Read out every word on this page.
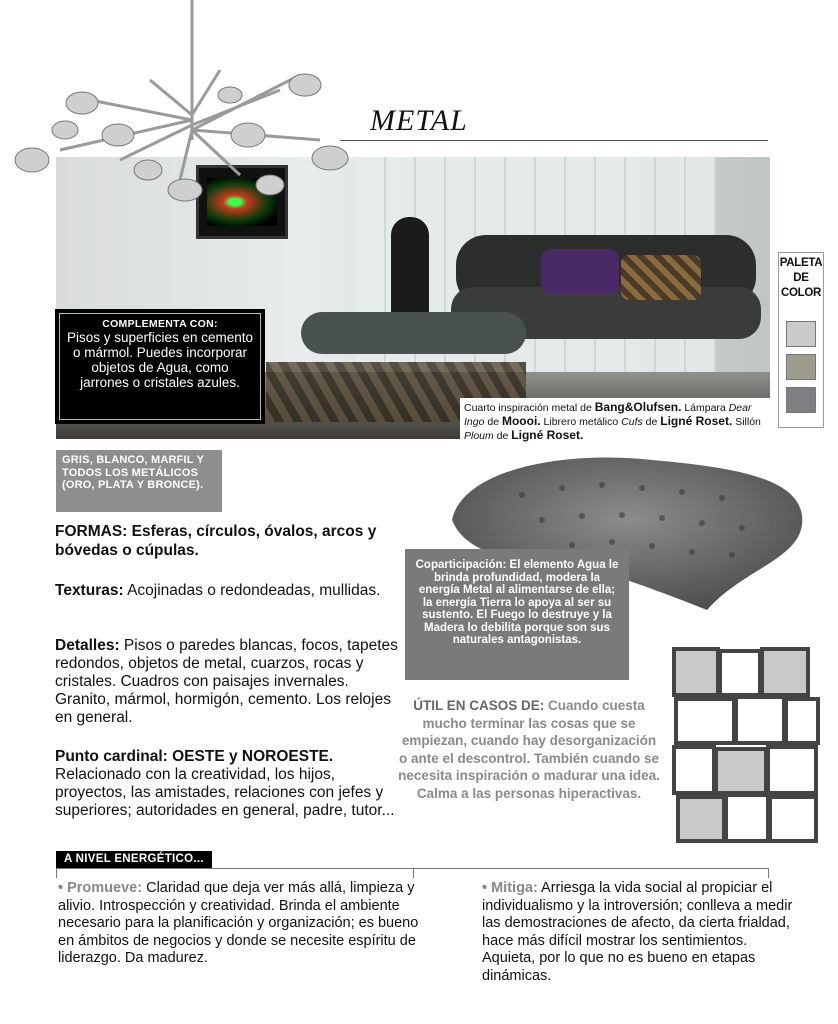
METAL
COMPLEMENTA CON:
Pisos y superficies en cemento o mármol. Puedes incorporar objetos de Agua, como jarrones o cristales azules.
Cuarto inspiración metal de Bang&Olufsen. Lámpara Dear Ingo de Moooi. Librero metálico Cufs de Ligné Roset. Sillón Ploum de Ligné Roset.
PALETA
DE
COLOR
GRIS, BLANCO, MARFIL Y TODOS LOS METÁLICOS (ORO, PLATA Y BRONCE).
FORMAS: Esferas, círculos, óvalos, arcos y bóvedas o cúpulas.
Texturas: Acojinadas o redondeadas, mullidas.
Detalles: Pisos o paredes blancas, focos, tapetes redondos, objetos de metal, cuarzos, rocas y cristales. Cuadros con paisajes invernales. Granito, mármol, hormigón, cemento. Los relojes en general.
Punto cardinal: OESTE y NOROESTE.
Relacionado con la creatividad, los hijos, proyectos, las amistades, relaciones con jefes y superiores; autoridades en general, padre, tutor...
Coparticipación: El elemento Agua le brinda profundidad, modera la energía Metal al alimentarse de ella; la energía Tierra lo apoya al ser su sustento. El Fuego lo destruye y la Madera lo debilita porque son sus naturales antagonistas.
ÚTIL EN CASOS DE: Cuando cuesta mucho terminar las cosas que se empiezan, cuando hay desorganización o ante el descontrol. También cuando se necesita inspiración o madurar una idea. Calma a las personas hiperactivas.
A NIVEL ENERGÉTICO...
• Promueve: Claridad que deja ver más allá, limpieza y alivio. Introspección y creatividad. Brinda el ambiente necesario para la planificación y organización; es bueno en ámbitos de negocios y donde se necesite espíritu de liderazgo. Da madurez.
• Mitiga: Arriesga la vida social al propiciar el individualismo y la introversión; conlleva a medir las demostraciones de afecto, da cierta frialdad, hace más difícil mostrar los sentimientos. Aquieta, por lo que no es bueno en etapas dinámicas.
